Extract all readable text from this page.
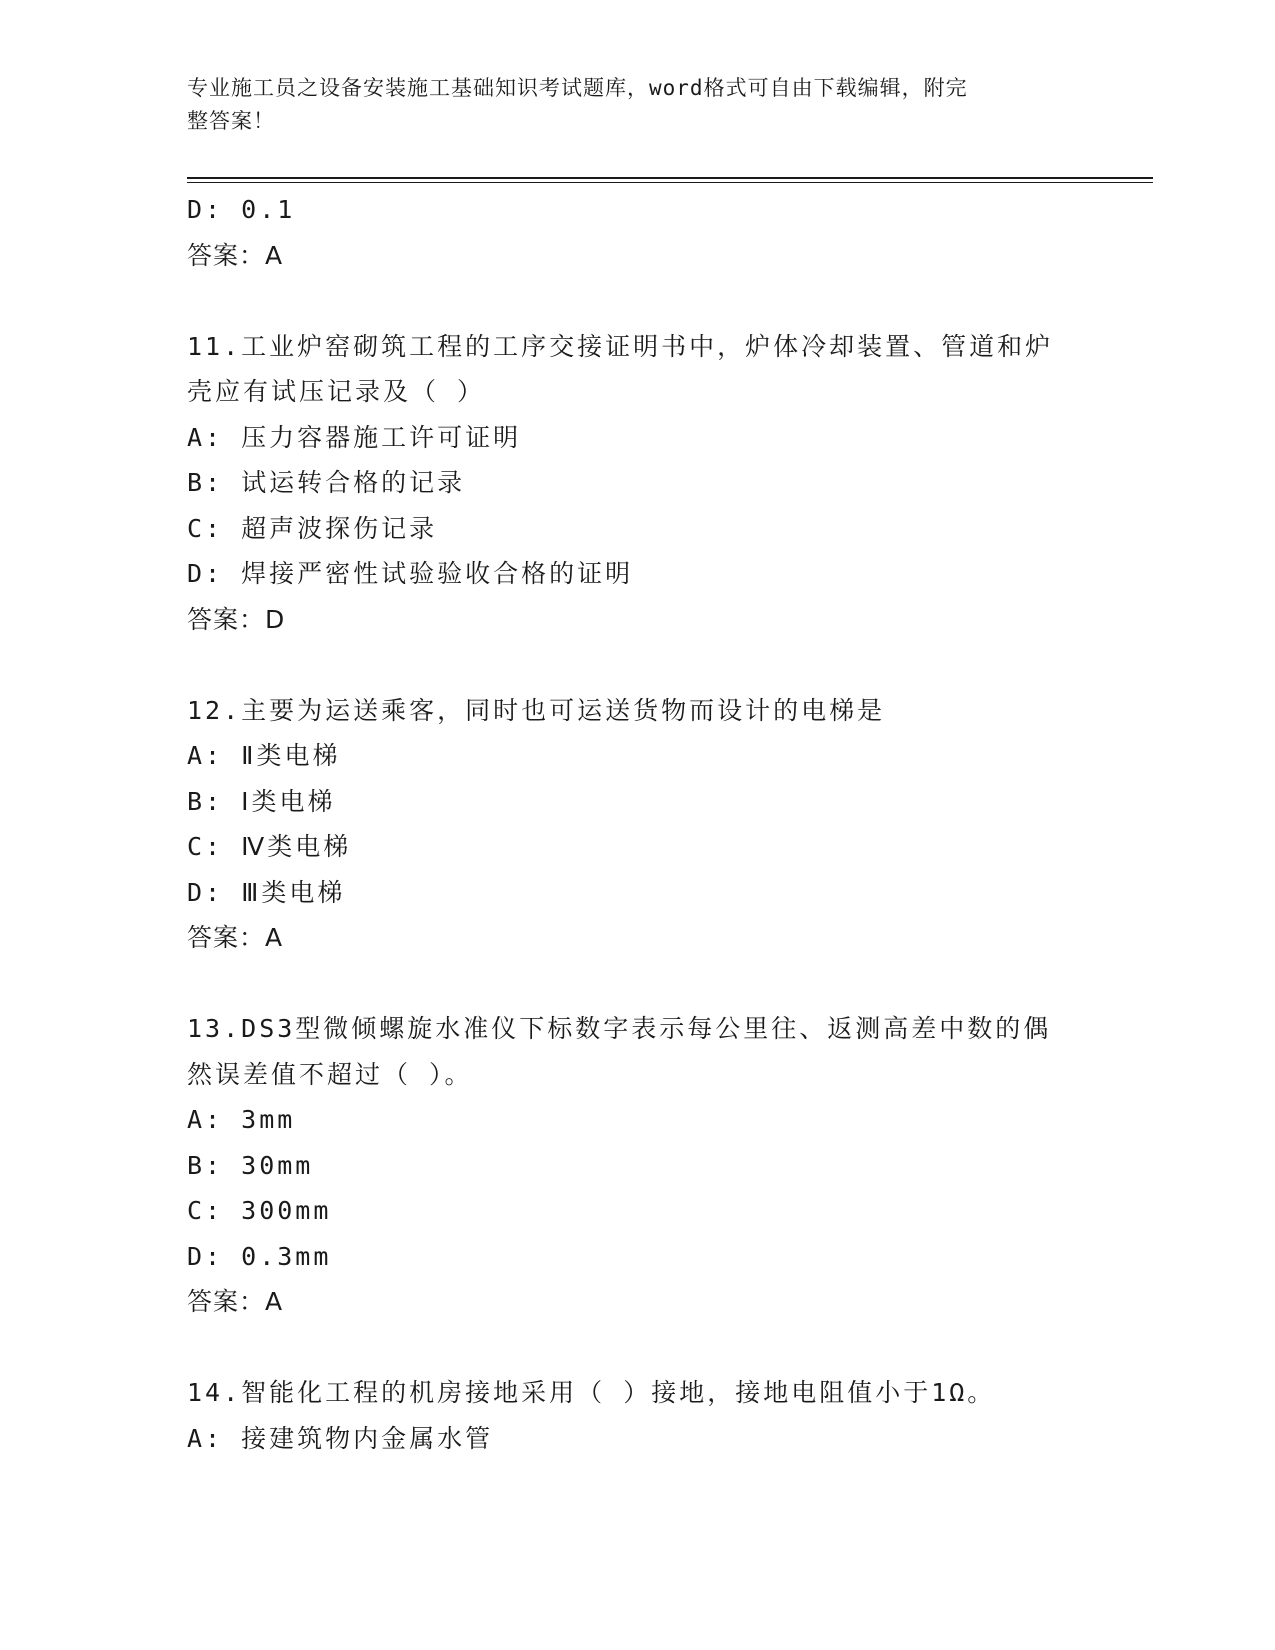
专业施工员之设备安装施工基础知识考试题库，word格式可自由下载编辑，附完
整答案！
D: 0.1
答案：A
11.工业炉窑砌筑工程的工序交接证明书中，炉体冷却装置、管道和炉
壳应有试压记录及（ ）
A: 压力容器施工许可证明
B: 试运转合格的记录
C: 超声波探伤记录
D: 焊接严密性试验验收合格的证明
答案：D
12.主要为运送乘客，同时也可运送货物而设计的电梯是
A: Ⅱ类电梯
B: Ⅰ类电梯
C: Ⅳ类电梯
D: Ⅲ类电梯
答案：A
13.DS3型微倾螺旋水准仪下标数字表示每公里往、返测高差中数的偶
然误差值不超过（ ）。
A: 3mm
B: 30mm
C: 300mm
D: 0.3mm
答案：A
14.智能化工程的机房接地采用（ ）接地，接地电阻值小于1Ω。
A: 接建筑物内金属水管
